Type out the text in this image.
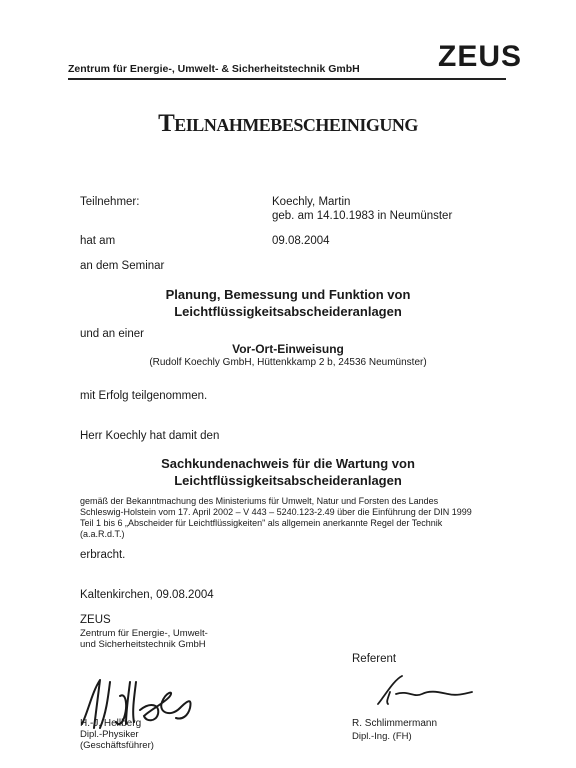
Zentrum für Energie-, Umwelt- & Sicherheitstechnik GmbH	ZEUS
Teilnahmebescheinigung
Teilnehmer:	Koechly, Martin
geb. am 14.10.1983 in Neumünster
hat am	09.08.2004
an dem Seminar
Planung, Bemessung und Funktion von
Leichtflüssigkeitsabscheideranlagen
und an einer
Vor-Ort-Einweisung
(Rudolf Koechly GmbH, Hüttenkkamp 2 b, 24536 Neumünster)
mit Erfolg teilgenommen.
Herr Koechly hat damit den
Sachkundenachweis für die Wartung von
Leichtflüssigkeitsabscheideranlagen
gemäß der Bekanntmachung des Ministeriums für Umwelt, Natur und Forsten des Landes
Schleswig-Holstein vom 17. April 2002 – V 443 – 5240.123-2.49 über die Einführung der DIN 1999
Teil 1 bis 6 „Abscheider für Leichtflüssigkeiten" als allgemein anerkannte Regel der Technik
(a.a.R.d.T.)
erbracht.
Kaltenkirchen, 09.08.2004
ZEUS
Zentrum für Energie-, Umwelt-
und Sicherheitstechnik GmbH
Referent
H.-J. Hellberg
Dipl.-Physiker
(Geschäftsführer)
R. Schlimmermann
Dipl.-Ing. (FH)
